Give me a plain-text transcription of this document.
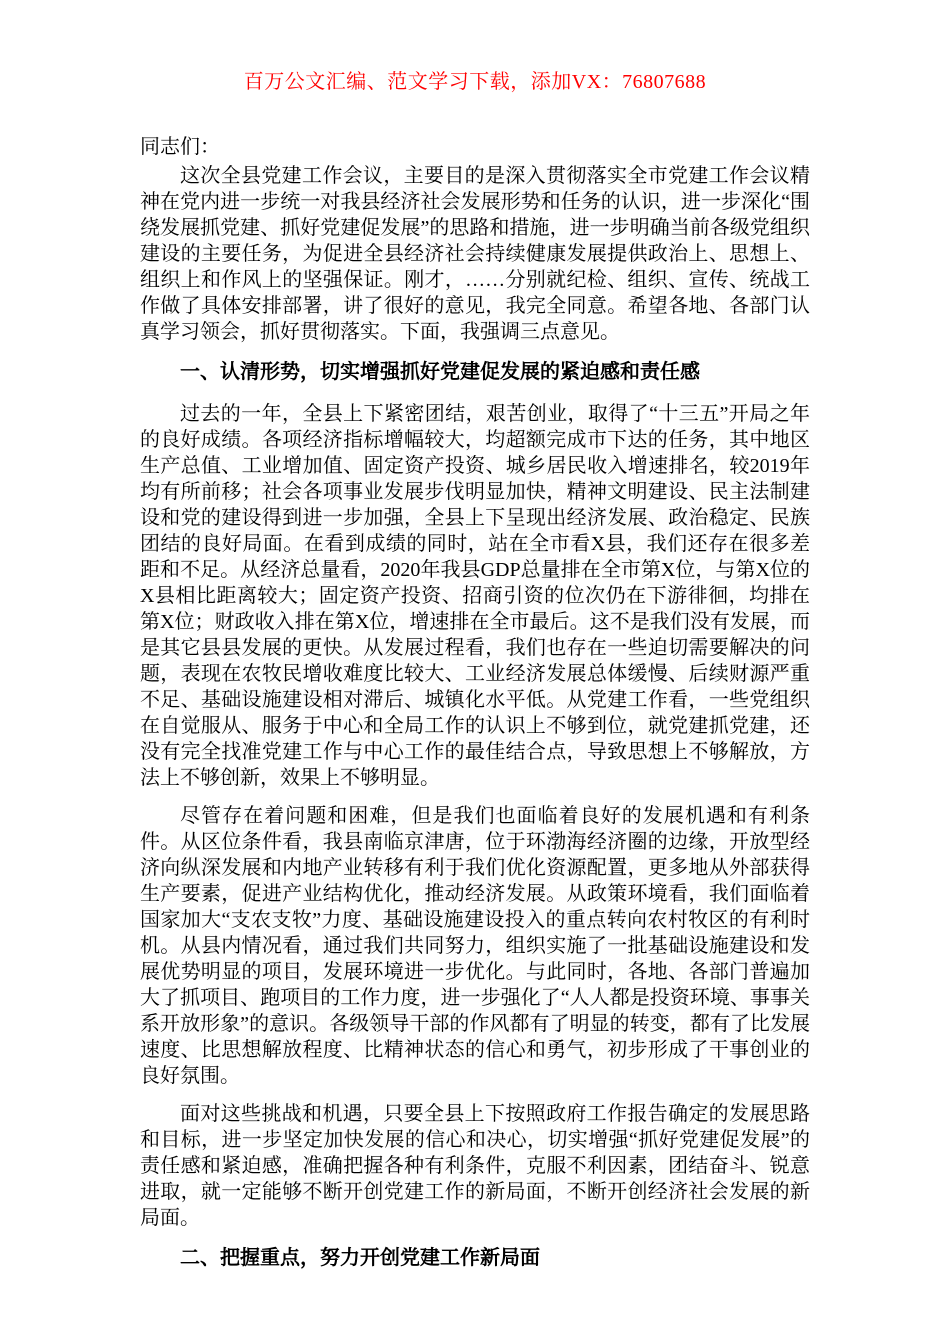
百万公文汇编、范文学习下载，添加VX：76807688

同志们：

这次全县党建工作会议，主要目的是深入贯彻落实全市党建工作会议精神在党内进一步统一对我县经济社会发展形势和任务的认识，进一步深化“围绕发展抓党建、抓好党建促发展”的思路和措施，进一步明确当前各级党组织建设的主要任务，为促进全县经济社会持续健康发展提供政治上、思想上、组织上和作风上的坚强保证。刚才，……分别就纪检、组织、宣传、统战工作做了具体安排部署，讲了很好的意见，我完全同意。希望各地、各部门认真学习领会，抓好贯彻落实。下面，我强调三点意见。

一、认清形势，切实增强抓好党建促发展的紧迫感和责任感

过去的一年，全县上下紧密团结，艰苦创业，取得了“十三五”开局之年的良好成绩。各项经济指标增幅较大，均超额完成市下达的任务，其中地区生产总值、工业增加值、固定资产投资、城乡居民收入增速排名，较2019年均有所前移；社会各项事业发展步伐明显加快，精神文明建设、民主法制建设和党的建设得到进一步加强，全县上下呈现出经济发展、政治稳定、民族团结的良好局面。在看到成绩的同时，站在全市看X县，我们还存在很多差距和不足。从经济总量看，2020年我县GDP总量排在全市第X位，与第X位的X县相比距离较大；固定资产投资、招商引资的位次仍在下游徘徊，均排在第X位；财政收入排在第X位，增速排在全市最后。这不是我们没有发展，而是其它县县发展的更快。从发展过程看，我们也存在一些迫切需要解决的问题，表现在农牧民增收难度比较大、工业经济发展总体缓慢、后续财源严重不足、基础设施建设相对滞后、城镇化水平低。从党建工作看，一些党组织在自觉服从、服务于中心和全局工作的认识上不够到位，就党建抓党建，还没有完全找准党建工作与中心工作的最佳结合点，导致思想上不够解放，方法上不够创新，效果上不够明显。

尽管存在着问题和困难，但是我们也面临着良好的发展机遇和有利条件。从区位条件看，我县南临京津唐，位于环渤海经济圈的边缘，开放型经济向纵深发展和内地产业转移有利于我们优化资源配置，更多地从外部获得生产要素，促进产业结构优化，推动经济发展。从政策环境看，我们面临着国家加大“支农支牧”力度、基础设施建设投入的重点转向农村牧区的有利时机。从县内情况看，通过我们共同努力，组织实施了一批基础设施建设和发展优势明显的项目，发展环境进一步优化。与此同时，各地、各部门普遍加大了抓项目、跑项目的工作力度，进一步强化了“人人都是投资环境、事事关系开放形象”的意识。各级领导干部的作风都有了明显的转变，都有了比发展速度、比思想解放程度、比精神状态的信心和勇气，初步形成了干事创业的良好氛围。

面对这些挑战和机遇，只要全县上下按照政府工作报告确定的发展思路和目标，进一步坚定加快发展的信心和决心，切实增强“抓好党建促发展”的责任感和紧迫感，准确把握各种有利条件，克服不利因素，团结奋斗、锐意进取，就一定能够不断开创党建工作的新局面，不断开创经济社会发展的新局面。

二、把握重点，努力开创党建工作新局面
